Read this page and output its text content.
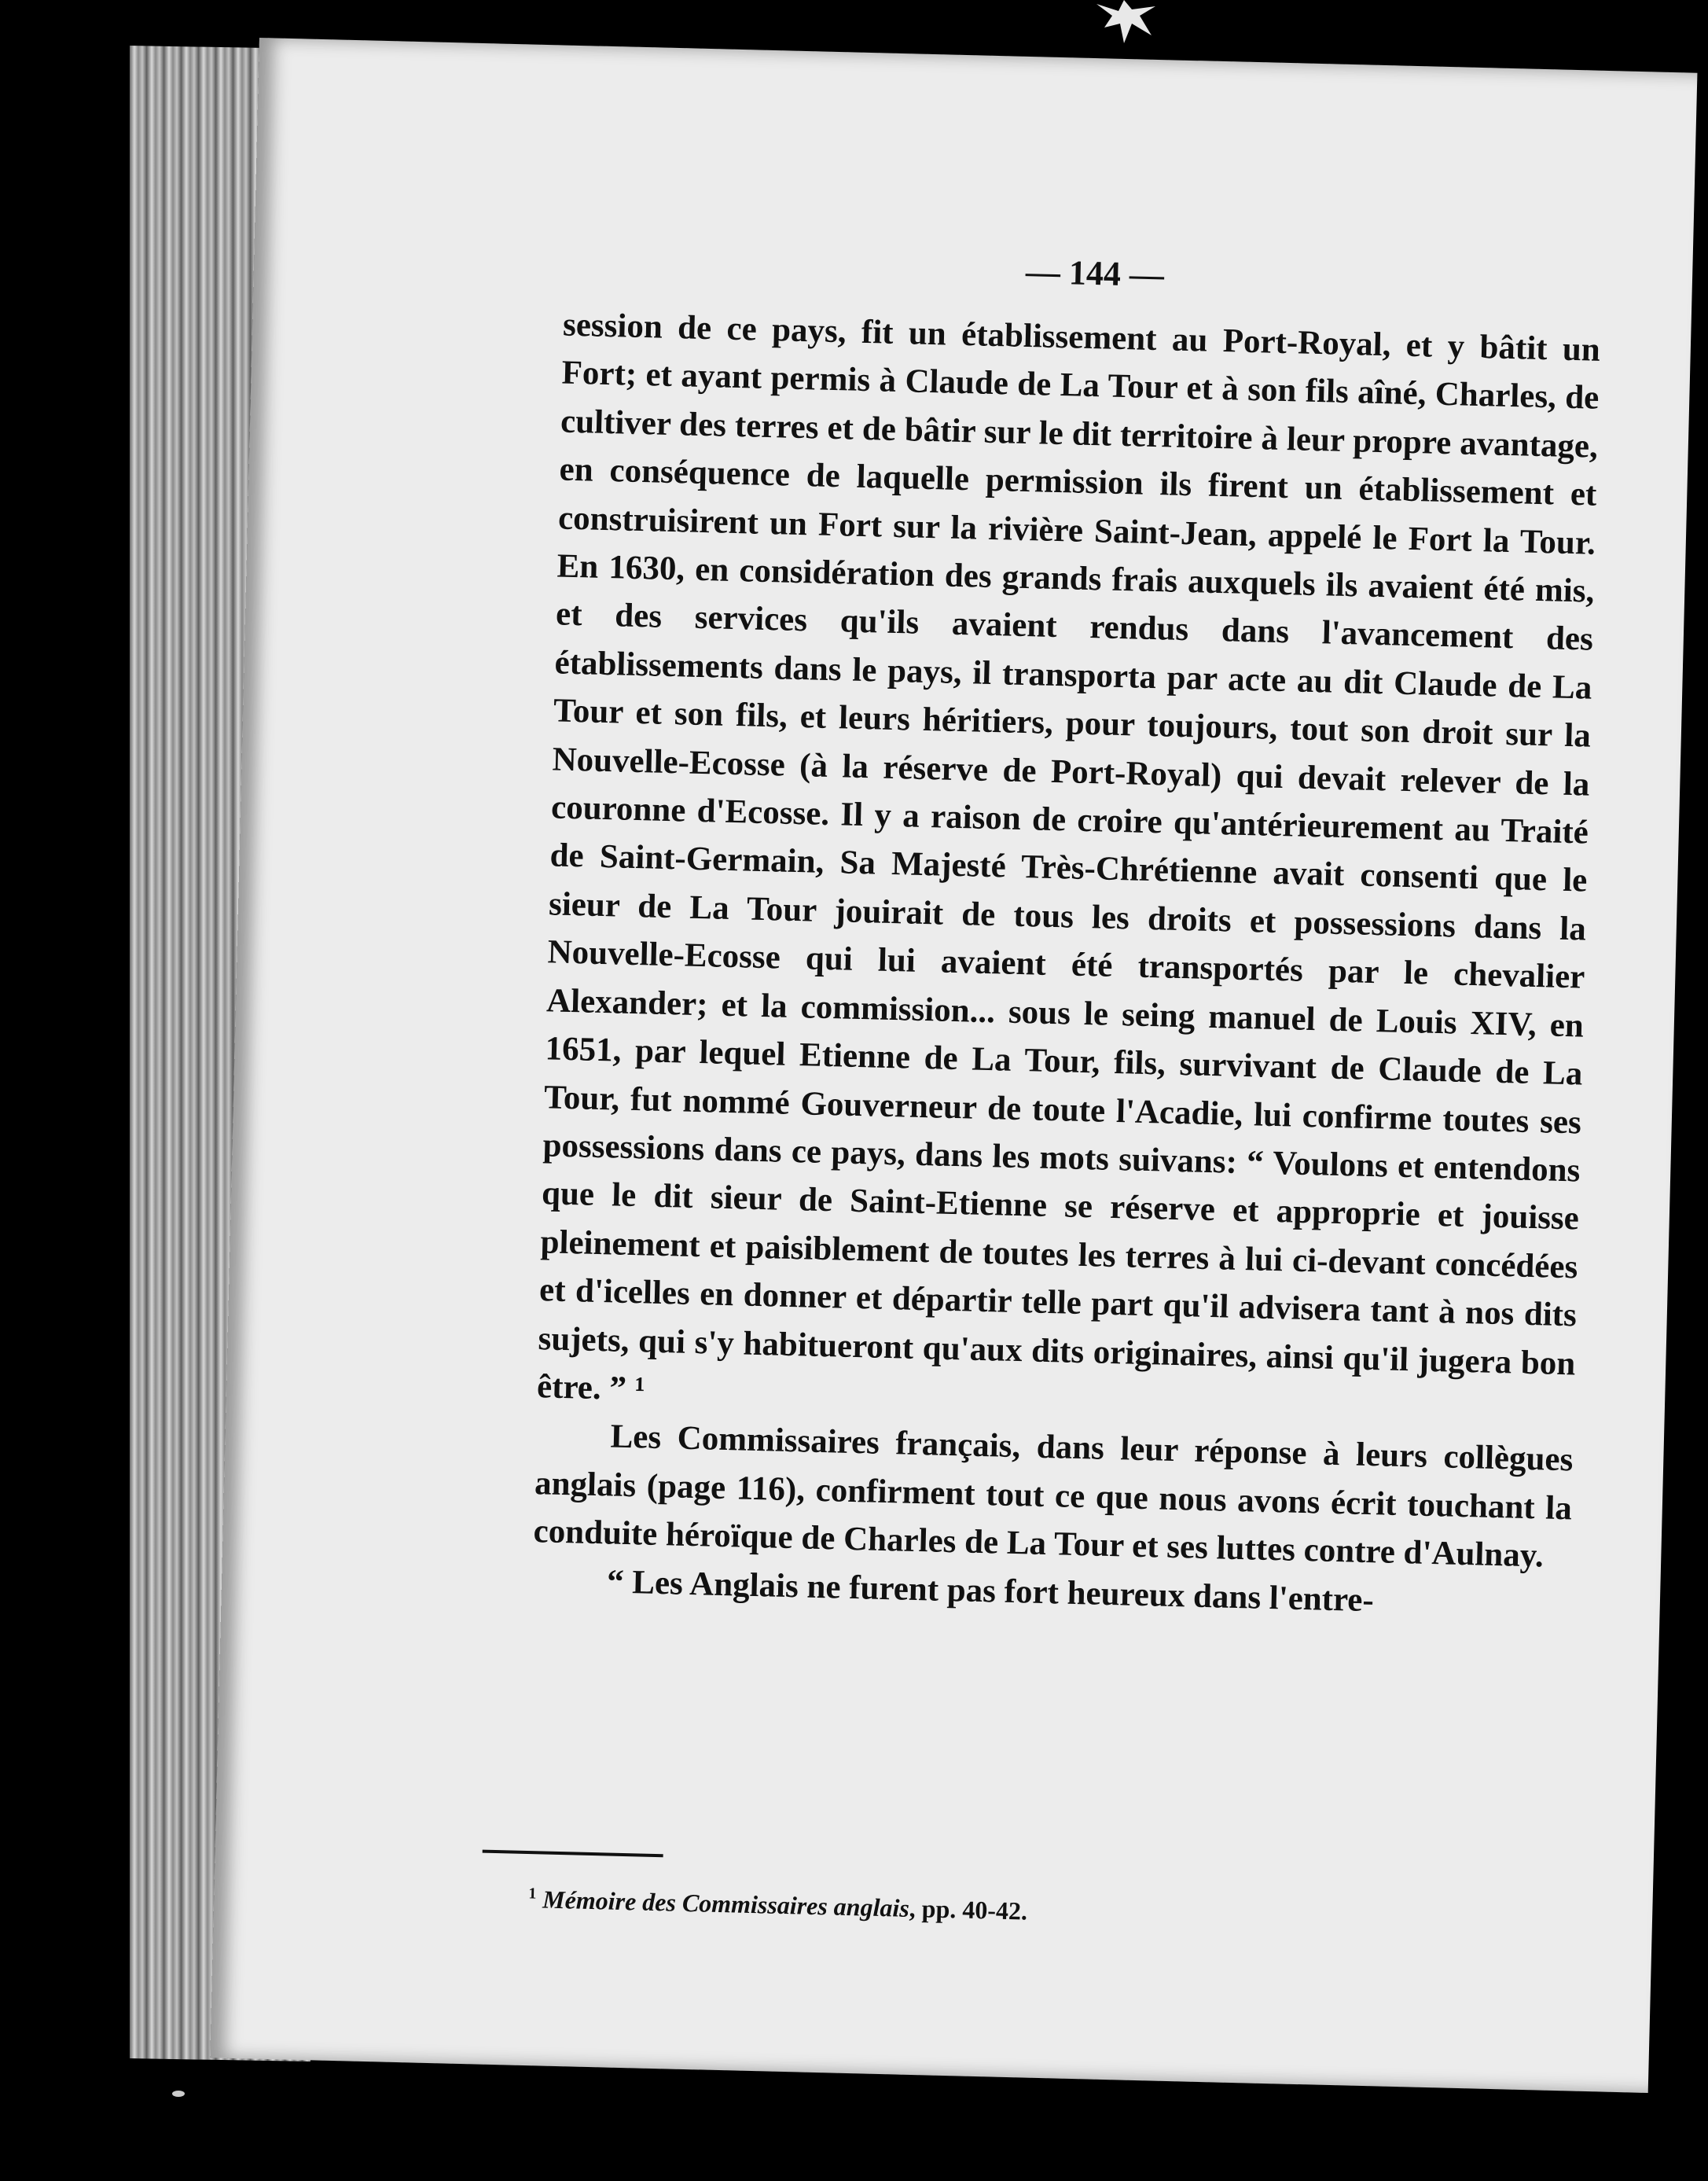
— 144 —

session de ce pays, fit un établissement au Port-Royal, et y bâtit un Fort; et ayant permis à Claude de La Tour et à son fils aîné, Charles, de cultiver des terres et de bâtir sur le dit territoire à leur propre avantage, en conséquence de laquelle permission ils firent un établissement et construisirent un Fort sur la rivière Saint-Jean, appelé le Fort la Tour. En 1630, en considération des grands frais auxquels ils avaient été mis, et des services qu'ils avaient rendus dans l'avancement des établissements dans le pays, il transporta par acte au dit Claude de La Tour et son fils, et leurs héritiers, pour toujours, tout son droit sur la Nouvelle-Ecosse (à la réserve de Port-Royal) qui devait relever de la couronne d'Ecosse. Il y a raison de croire qu'antérieurement au Traité de Saint-Germain, Sa Majesté Très-Chrétienne avait consenti que le sieur de La Tour jouirait de tous les droits et possessions dans la Nouvelle-Ecosse qui lui avaient été transportés par le chevalier Alexander; et la commission... sous le seing manuel de Louis XIV, en 1651, par lequel Etienne de La Tour, fils, survivant de Claude de La Tour, fut nommé Gouverneur de toute l'Acadie, lui confirme toutes ses possessions dans ce pays, dans les mots suivans: “ Voulons et entendons que le dit sieur de Saint-Etienne se réserve et approprie et jouisse pleinement et paisiblement de toutes les terres à lui ci-devant concédées et d'icelles en donner et départir telle part qu'il advisera tant à nos dits sujets, qui s'y habitueront qu'aux dits originaires, ainsi qu'il jugera bon être. ” ¹

Les Commissaires français, dans leur réponse à leurs collègues anglais (page 116), confirment tout ce que nous avons écrit touchant la conduite héroïque de Charles de La Tour et ses luttes contre d'Aulnay.

“ Les Anglais ne furent pas fort heureux dans l'entre-

$^1$ Mémoire des Commissaires anglais, pp. 40-42.
